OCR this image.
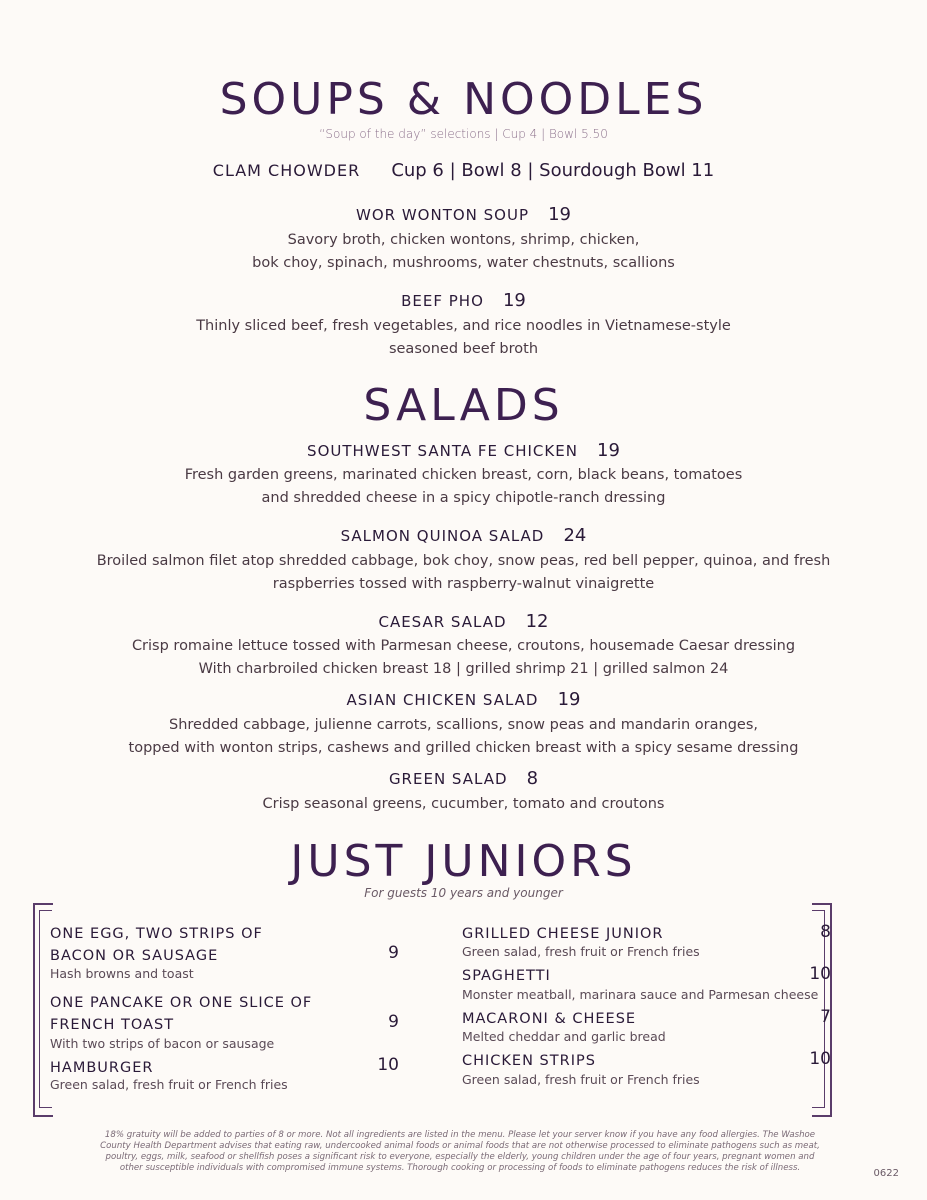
SOUPS & NOODLES
“Soup of the day” selections | Cup 4 | Bowl 5.50
CLAM CHOWDER Cup 6 | Bowl 8 | Sourdough Bowl 11
WOR WONTON SOUP 19
Savory broth, chicken wontons, shrimp, chicken,
bok choy, spinach, mushrooms, water chestnuts, scallions
BEEF PHO 19
Thinly sliced beef, fresh vegetables, and rice noodles in Vietnamese-style
seasoned beef broth
SALADS
SOUTHWEST SANTA FE CHICKEN 19
Fresh garden greens, marinated chicken breast, corn, black beans, tomatoes
and shredded cheese in a spicy chipotle-ranch dressing
SALMON QUINOA SALAD 24
Broiled salmon filet atop shredded cabbage, bok choy, snow peas, red bell pepper, quinoa, and fresh
raspberries tossed with raspberry-walnut vinaigrette
CAESAR SALAD 12
Crisp romaine lettuce tossed with Parmesan cheese, croutons, housemade Caesar dressing
With charbroiled chicken breast 18 | grilled shrimp 21 | grilled salmon 24
ASIAN CHICKEN SALAD 19
Shredded cabbage, julienne carrots, scallions, snow peas and mandarin oranges,
topped with wonton strips, cashews and grilled chicken breast with a spicy sesame dressing
GREEN SALAD 8
Crisp seasonal greens, cucumber, tomato and croutons
JUST JUNIORS
For guests 10 years and younger
ONE EGG, TWO STRIPS OF
BACON OR SAUSAGE	9
Hash browns and toast
ONE PANCAKE OR ONE SLICE OF
FRENCH TOAST	9
With two strips of bacon or sausage
HAMBURGER	10
Green salad, fresh fruit or French fries
GRILLED CHEESE JUNIOR	8
Green salad, fresh fruit or French fries
SPAGHETTI	10
Monster meatball, marinara sauce and Parmesan cheese
MACARONI & CHEESE	7
Melted cheddar and garlic bread
CHICKEN STRIPS	10
Green salad, fresh fruit or French fries
18% gratuity will be added to parties of 8 or more. Not all ingredients are listed in the menu. Please let your server know if you have any food allergies. The Washoe County Health Department advises that eating raw, undercooked animal foods or animal foods that are not otherwise processed to eliminate pathogens such as meat, poultry, eggs, milk, seafood or shellfish poses a significant risk to everyone, especially the elderly, young children under the age of four years, pregnant women and other susceptible individuals with compromised immune systems. Thorough cooking or processing of foods to eliminate pathogens reduces the risk of illness.	0622
